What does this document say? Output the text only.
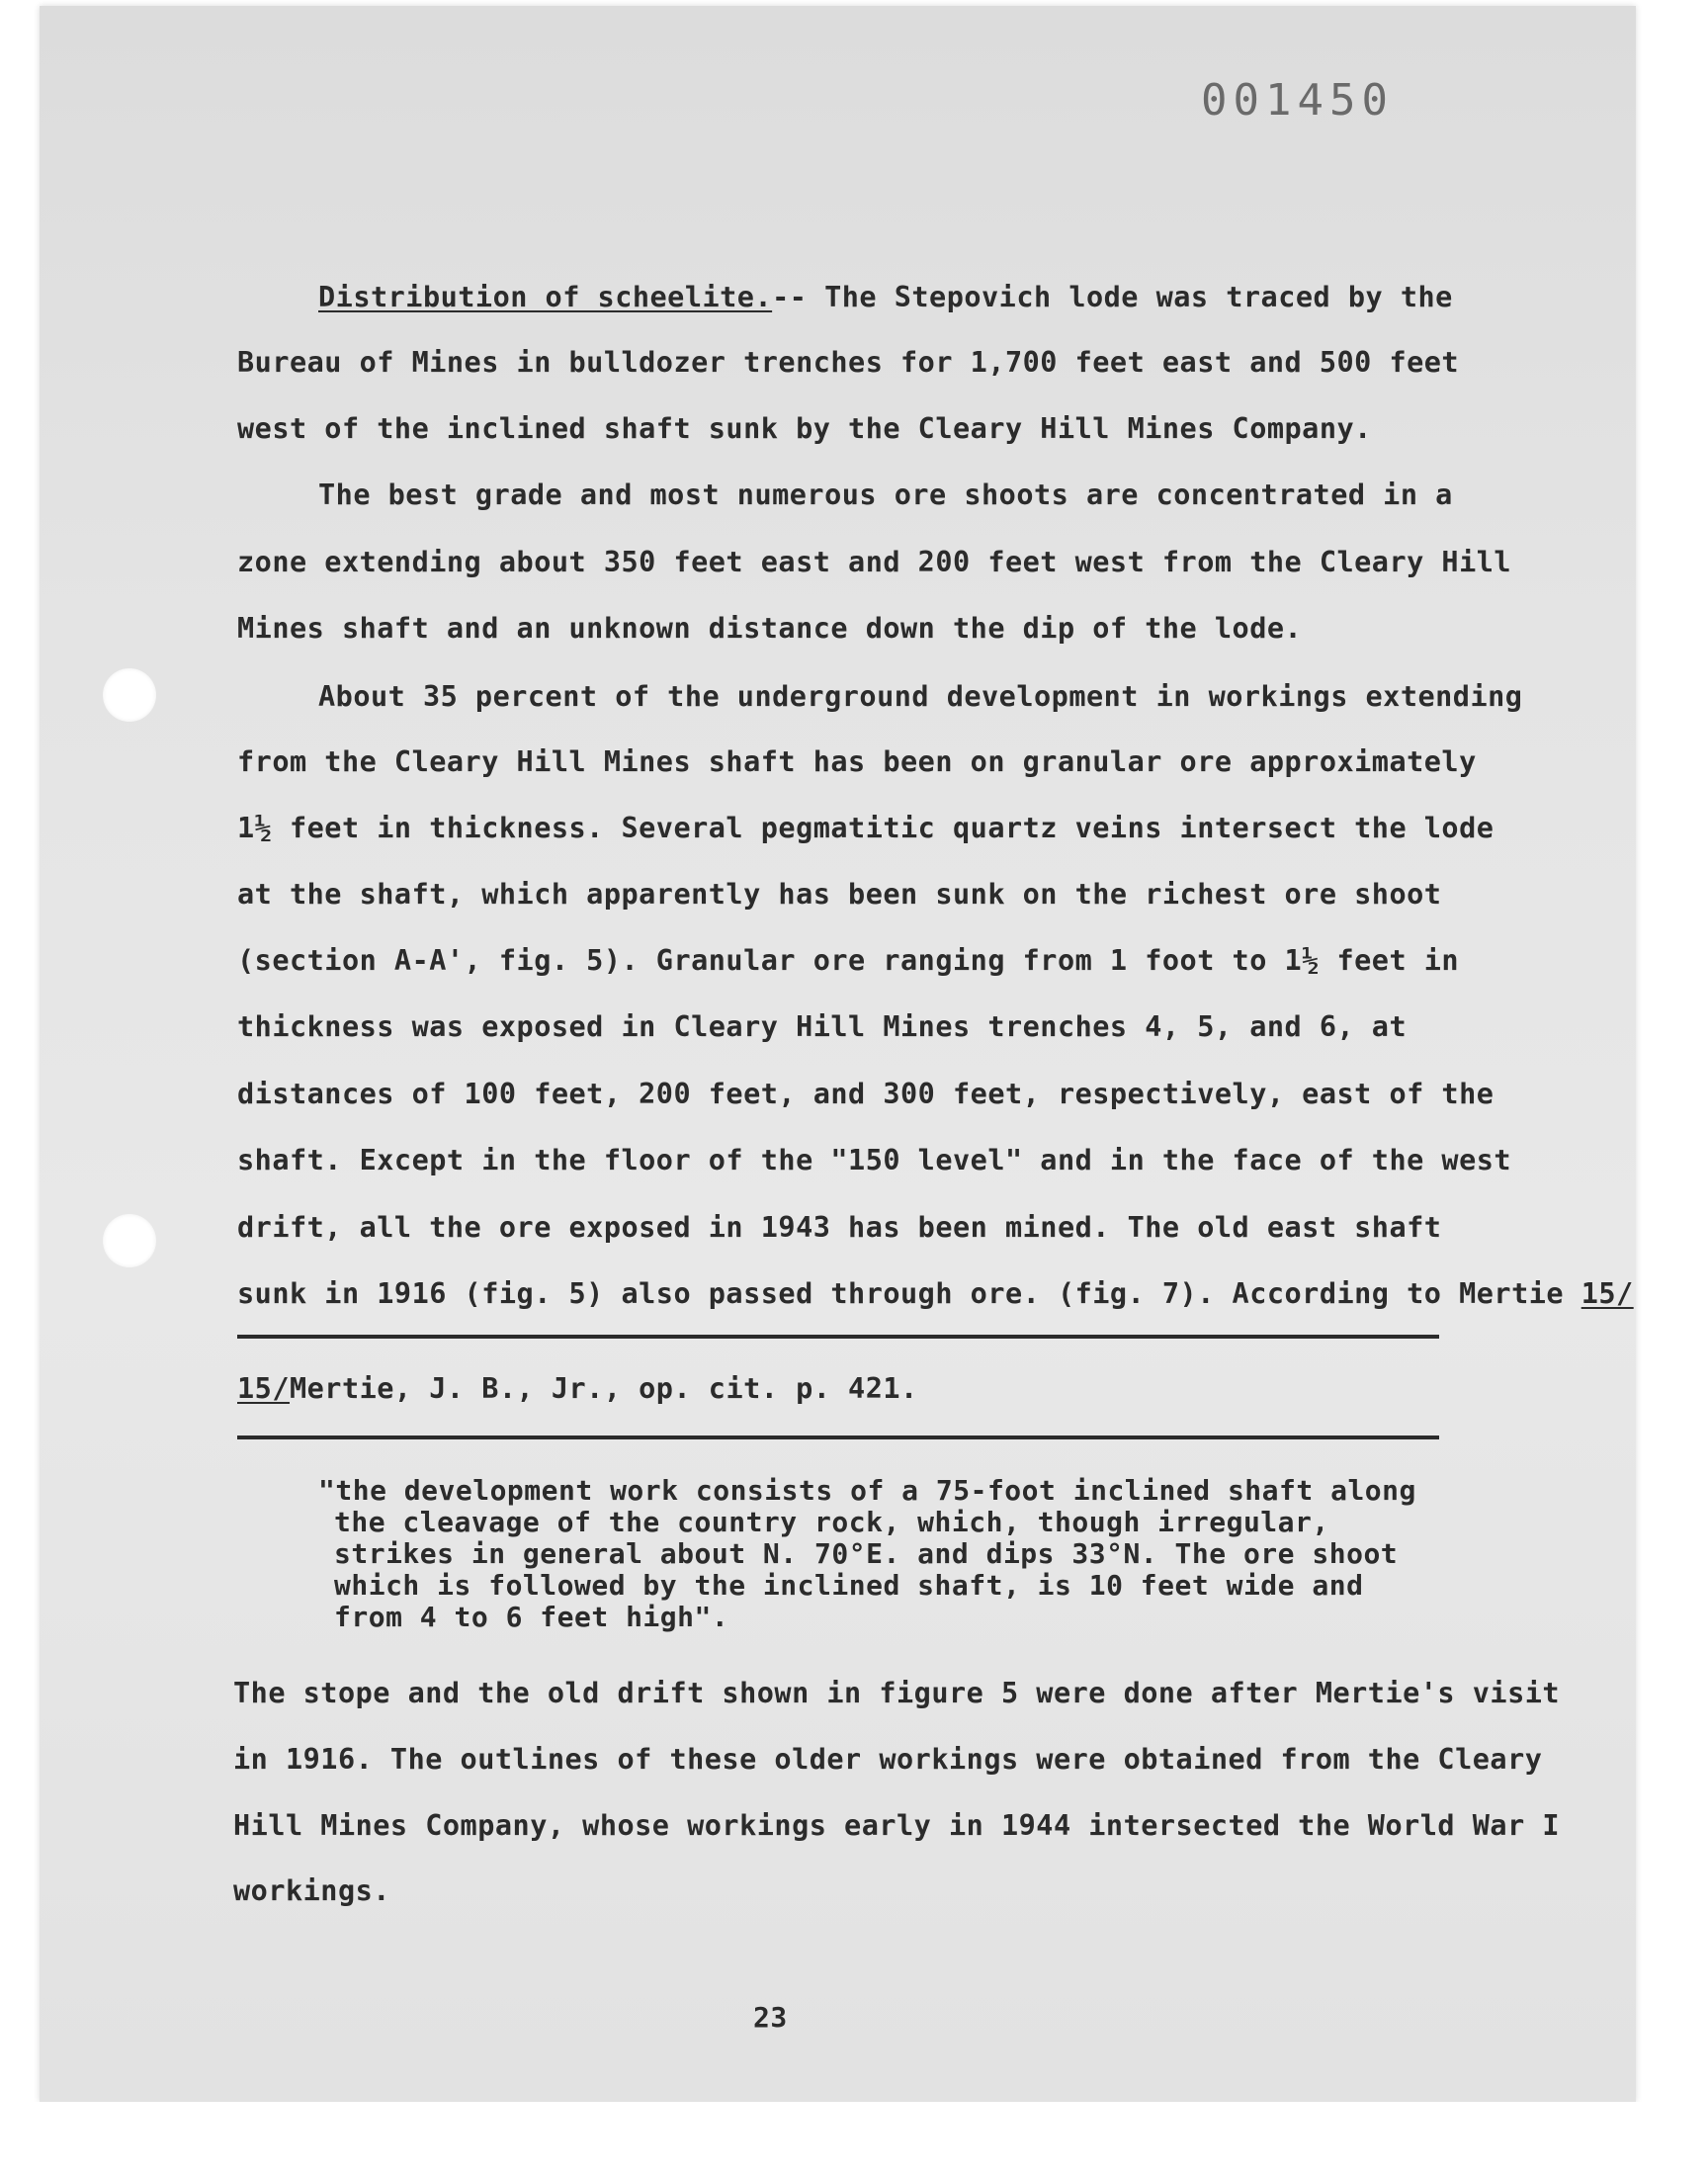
001450
Distribution of scheelite.-- The Stepovich lode was traced by the
Bureau of Mines in bulldozer trenches for 1,700 feet east and 500 feet
west of the inclined shaft sunk by the Cleary Hill Mines Company.
The best grade and most numerous ore shoots are concentrated in a
zone extending about 350 feet east and 200 feet west from the Cleary Hill
Mines shaft and an unknown distance down the dip of the lode.
About 35 percent of the underground development in workings extending
from the Cleary Hill Mines shaft has been on granular ore approximately
1½ feet in thickness. Several pegmatitic quartz veins intersect the lode
at the shaft, which apparently has been sunk on the richest ore shoot
(section A-A', fig. 5). Granular ore ranging from 1 foot to 1½ feet in
thickness was exposed in Cleary Hill Mines trenches 4, 5, and 6, at
distances of 100 feet, 200 feet, and 300 feet, respectively, east of the
shaft. Except in the floor of the "150 level" and in the face of the west
drift, all the ore exposed in 1943 has been mined. The old east shaft
sunk in 1916 (fig. 5) also passed through ore. (fig. 7). According to Mertie 15/
15/Mertie, J. B., Jr., op. cit. p. 421.
"the development work consists of a 75-foot inclined shaft along
the cleavage of the country rock, which, though irregular,
strikes in general about N. 70°E. and dips 33°N. The ore shoot
which is followed by the inclined shaft, is 10 feet wide and
from 4 to 6 feet high".
The stope and the old drift shown in figure 5 were done after Mertie's visit
in 1916. The outlines of these older workings were obtained from the Cleary
Hill Mines Company, whose workings early in 1944 intersected the World War I
workings.
23
